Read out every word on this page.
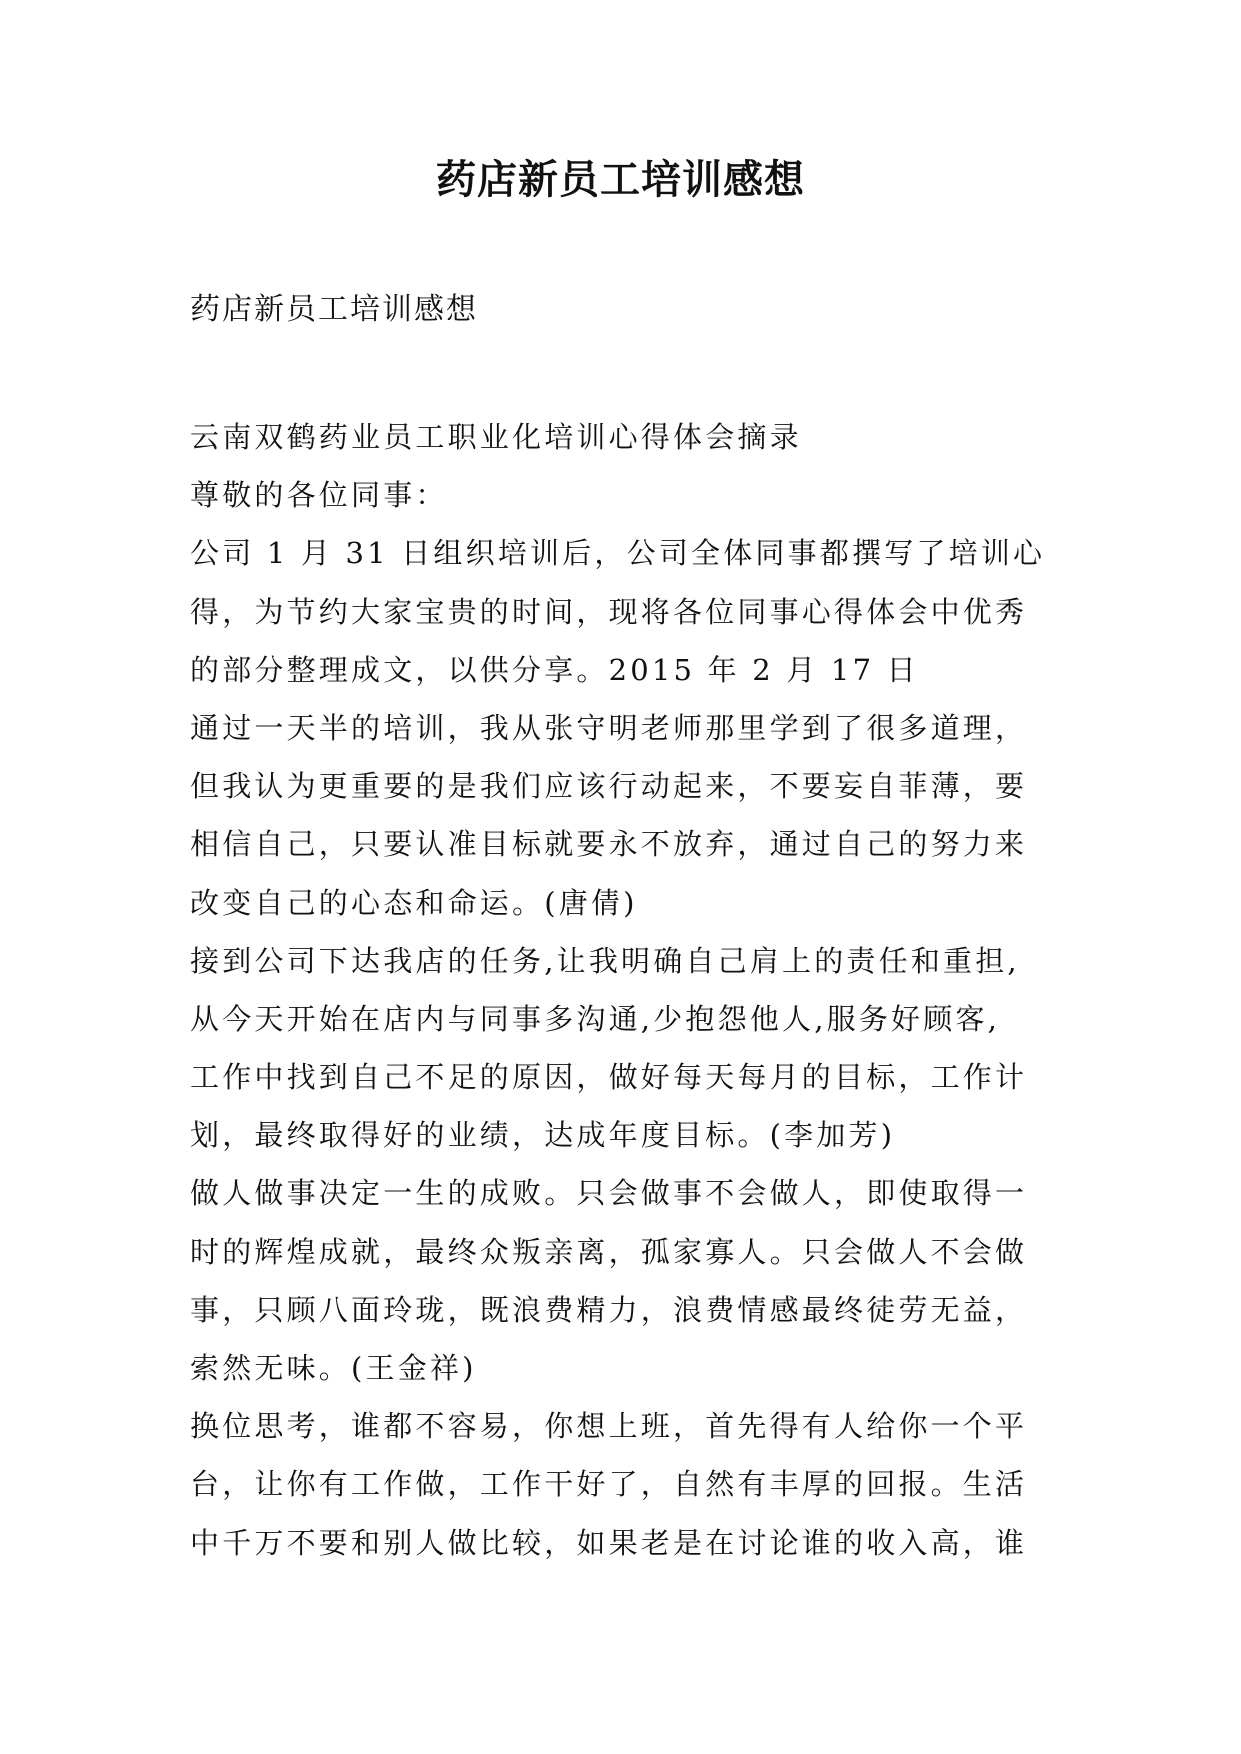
药店新员工培训感想

药店新员工培训感想

云南双鹤药业员工职业化培训心得体会摘录
尊敬的各位同事：
公司 1 月 31 日组织培训后，公司全体同事都撰写了培训心
得，为节约大家宝贵的时间，现将各位同事心得体会中优秀
的部分整理成文，以供分享。2015 年 2 月 17 日
通过一天半的培训，我从张守明老师那里学到了很多道理，
但我认为更重要的是我们应该行动起来，不要妄自菲薄，要
相信自己，只要认准目标就要永不放弃，通过自己的努力来
改变自己的心态和命运。(唐倩)
接到公司下达我店的任务,让我明确自己肩上的责任和重担,
从今天开始在店内与同事多沟通,少抱怨他人,服务好顾客,
工作中找到自己不足的原因，做好每天每月的目标，工作计
划，最终取得好的业绩，达成年度目标。(李加芳)
做人做事决定一生的成败。只会做事不会做人，即使取得一
时的辉煌成就，最终众叛亲离，孤家寡人。只会做人不会做
事，只顾八面玲珑，既浪费精力，浪费情感最终徒劳无益，
索然无味。(王金祥)
换位思考，谁都不容易，你想上班，首先得有人给你一个平
台，让你有工作做，工作干好了，自然有丰厚的回报。生活
中千万不要和别人做比较，如果老是在讨论谁的收入高，谁
